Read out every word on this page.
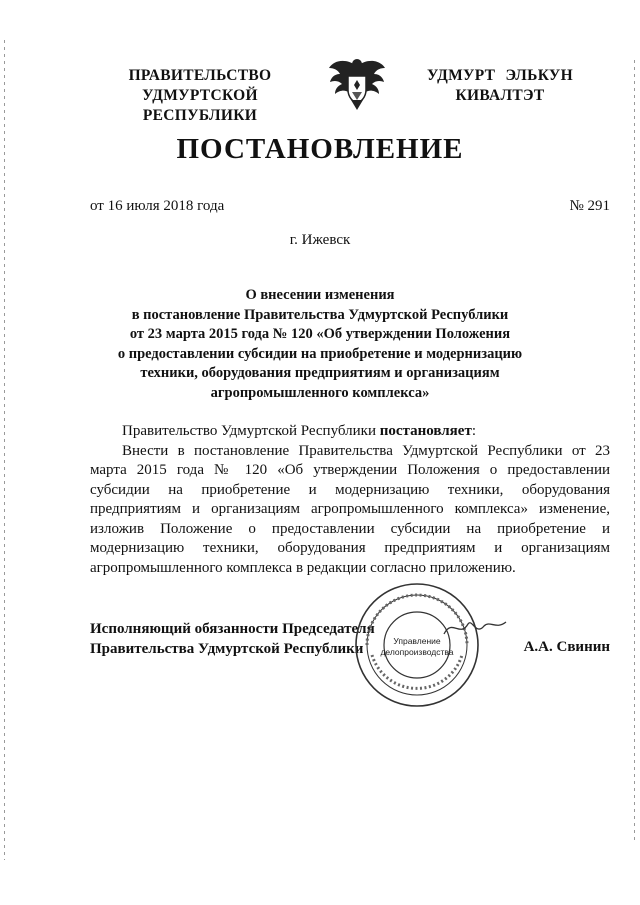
ПРАВИТЕЛЬСТВО
УДМУРТСКОЙ РЕСПУБЛИКИ
УДМУРТ ЭЛЬКУН
КИВАЛТЭТ
ПОСТАНОВЛЕНИЕ
от 16 июля 2018 года	№ 291
г. Ижевск
О внесении изменения
в постановление Правительства Удмуртской Республики
от 23 марта 2015 года № 120 «Об утверждении Положения
о предоставлении субсидии на приобретение и модернизацию
техники, оборудования предприятиям и организациям
агропромышленного комплекса»

Правительство Удмуртской Республики постановляет:

Внести в постановление Правительства Удмуртской Республики от 23 марта 2015 года № 120 «Об утверждении Положения о предоставлении субсидии на приобретение и модернизацию техники, оборудования предприятиям и организациям агропромышленного комплекса» изменение, изложив Положение о предоставлении субсидии на приобретение и модернизацию техники, оборудования предприятиям и организациям агропромышленного комплекса в редакции согласно приложению.

Исполняющий обязанности Председателя
Правительства Удмуртской Республики	А.А. Свинин
Управление
делопроизводства
